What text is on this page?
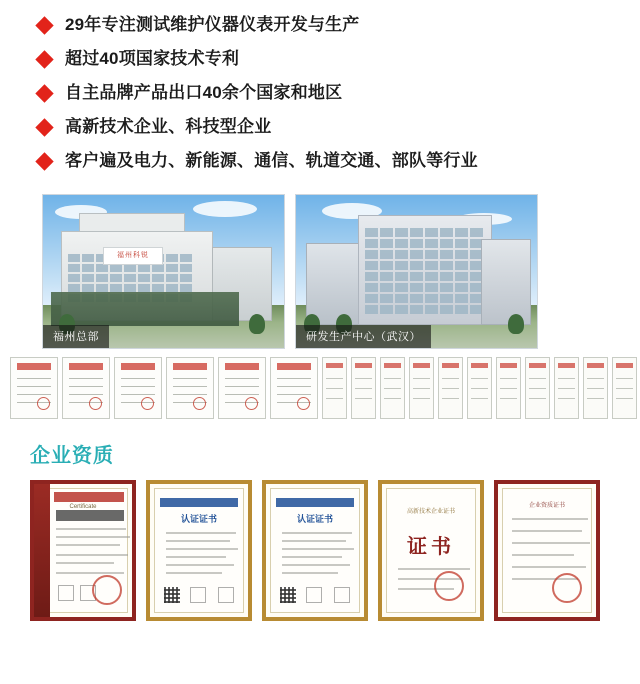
29年专注测试维护仪器仪表开发与生产
超过40项国家技术专利
自主品牌产品出口40余个国家和地区
高新技术企业、科技型企业
客户遍及电力、新能源、通信、轨道交通、部队等行业
福州科锐
福州总部	研发生产中心（武汉）
企业资质
Certificate
认证证书	认证证书
高新技术企业证书
证书
企业资质证书
